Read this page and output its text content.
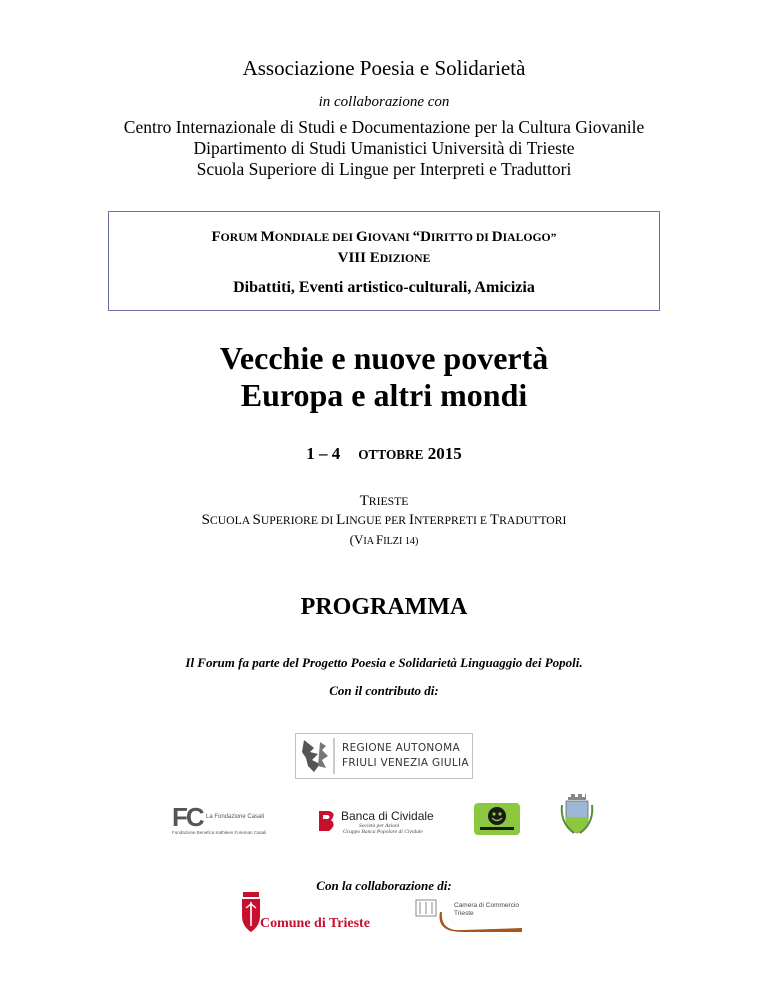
Associazione Poesia e Solidarietà
in collaborazione con
Centro Internazionale di Studi e Documentazione per la Cultura Giovanile
Dipartimento di Studi Umanistici Università di Trieste
Scuola Superiore di Lingue per Interpreti e Traduttori
FORUM MONDIALE DEI GIOVANI “DIRITTO DI DIALOGO”
VIII EDIZIONE
Dibattiti, Eventi artistico-culturali, Amicizia
Vecchie e nuove povertà
Europa e altri mondi
1 – 4 OTTOBRE 2015
TRIESTE
SCUOLA SUPERIORE DI LINGUE PER INTERPRETI E TRADUTTORI
(VIA FILZI 14)
PROGRAMMA
Il Forum fa parte del Progetto Poesia e Solidarietà Linguaggio dei Popoli.
Con il contributo di:
REGIONE AUTONOMA
FRIULI VENEZIA GIULIA
FC La Fondazione Casali
Fondazione Benefica Kathleen Foreman Casali
Banca di Cividale
Società per Azioni
Gruppo Banca Popolare di Cividale
Con la collaborazione di:
Comune di Trieste
Camera di Commercio
Trieste
